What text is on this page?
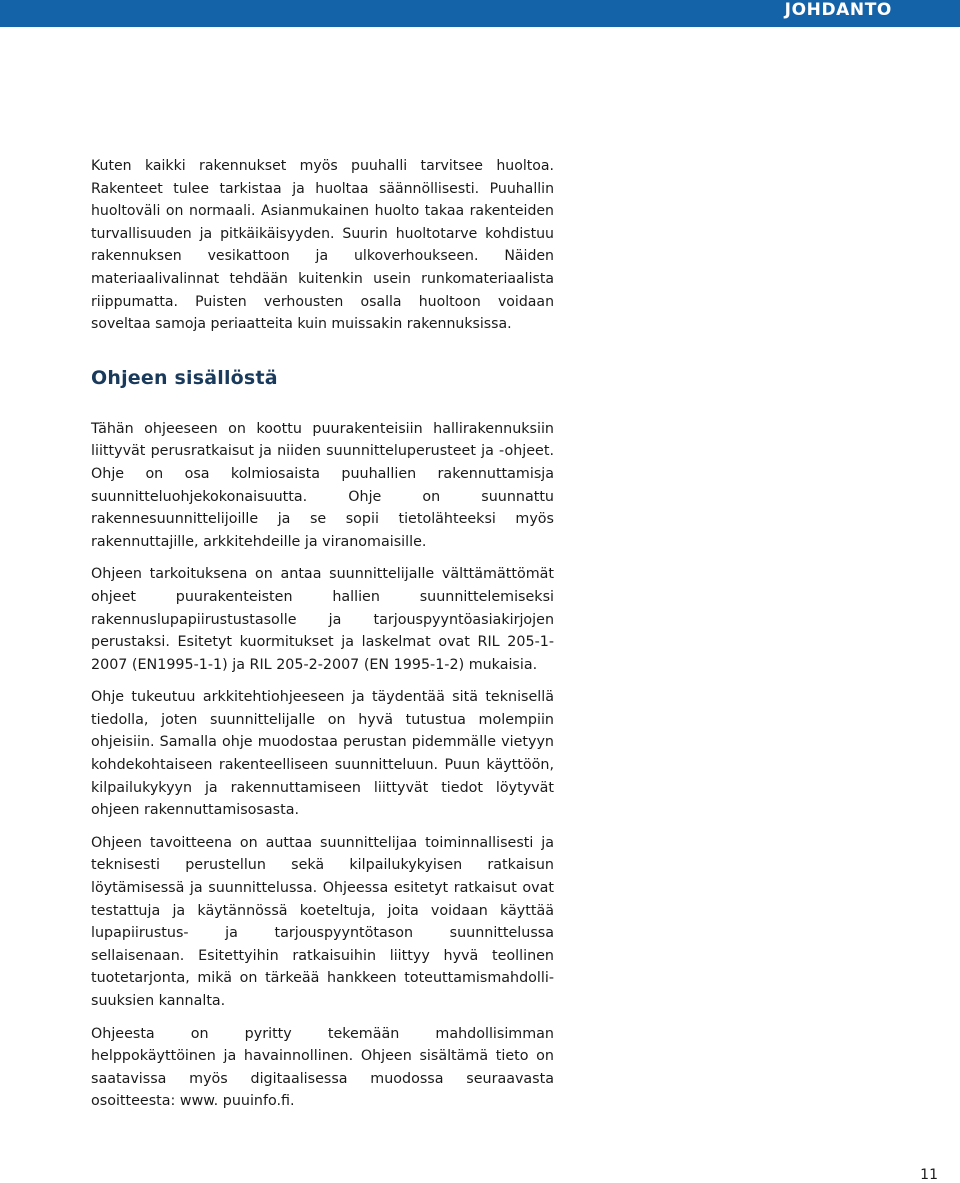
JOHDANTO

Kuten kaikki rakennukset myös puuhalli tarvitsee huoltoa. Rakenteet tulee tarkistaa ja huoltaa säännöllisesti. Puuhallin huoltoväli on normaali. Asianmukainen huolto takaa rakenteiden turvallisuuden ja pitkäikäisyyden. Suurin huoltotarve kohdistuu rakennuksen vesikattoon ja ulkoverhoukseen. Näiden materiaalivalinnat tehdään kuitenkin usein runkomateriaalista riippumatta. Puisten verhousten osalla huoltoon voidaan soveltaa samoja periaatteita kuin muissakin rakennuksissa.

Ohjeen sisällöstä

Tähän ohjeeseen on koottu puurakenteisiin hallirakennuksiin liittyvät perusratkaisut ja niiden suunnitteluperusteet ja -ohjeet. Ohje on osa kolmiosaista puuhallien rakennuttamisja suunnitteluohjekokonaisuutta. Ohje on suunnattu rakennesuunnittelijoille ja se sopii tietolähteeksi myös rakennuttajille, arkkitehdeille ja viranomaisille.

Ohjeen tarkoituksena on antaa suunnittelijalle välttämättömät ohjeet puurakenteisten hallien suunnittelemiseksi rakennuslupapiirustustasolle ja tarjouspyyntöasiakirjojen perustaksi. Esitetyt kuormitukset ja laskelmat ovat RIL 205-1-2007 (EN1995-1-1) ja RIL 205-2-2007 (EN 1995-1-2) mukaisia.

Ohje tukeutuu arkkitehtiohjeeseen ja täydentää sitä teknisellä tiedolla, joten suunnittelijalle on hyvä tutustua molempiin ohjeisiin. Samalla ohje muodostaa perustan pidemmälle vietyyn kohdekohtaiseen rakenteelliseen suunnitteluun. Puun käyttöön, kilpailukykyyn ja rakennuttamiseen liittyvät tiedot löytyvät ohjeen rakennuttamisosasta.

Ohjeen tavoitteena on auttaa suunnittelijaa toiminnallisesti ja teknisesti perustellun sekä kilpailukykyisen ratkaisun löytämisessä ja suunnittelussa. Ohjeessa esitetyt ratkaisut ovat testattuja ja käytännössä koeteltuja, joita voidaan käyttää lupapiirustus- ja tarjouspyyntötason suunnittelussa sellaisenaan. Esitettyihin ratkaisuihin liittyy hyvä teollinen tuotetarjonta, mikä on tärkeää hankkeen toteuttamismahdolli-suuksien kannalta.

Ohjeesta on pyritty tekemään mahdollisimman helppokäyttöinen ja havainnollinen. Ohjeen sisältämä tieto on saatavissa myös digitaalisessa muodossa seuraavasta osoitteesta: www. puuinfo.fi.

11
